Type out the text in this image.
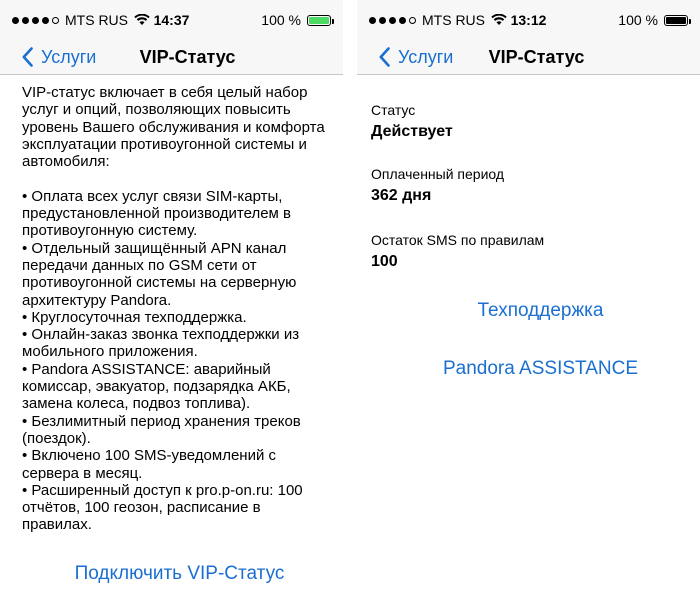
MTS RUS	14:37	100 %
Услуги	VIP-Статус

VIP-статус включает в себя целый набор
услуг и опций, позволяющих повысить
уровень Вашего обслуживания и комфорта
эксплуатации противоугонной системы и
автомобиля:

• Оплата всех услуг связи SIM-карты,
предустановленной производителем в
противоугонную систему.

• Отдельный защищённый APN канал
передачи данных по GSM сети от
противоугонной системы на серверную
архитектуру Pandora.

• Круглосуточная техподдержка.

• Онлайн-заказ звонка техподдержки из
мобильного приложения.

• Pandora ASSISTANCE: аварийный
комиссар, эвакуатор, подзарядка АКБ,
замена колеса, подвоз топлива).

• Безлимитный период хранения треков
(поездок).

• Включено 100 SMS-уведомлений с
сервера в месяц.

• Расширенный доступ к pro.p-on.ru: 100
отчётов, 100 геозон, расписание в
правилах.

Подключить VIP-Статус
MTS RUS	13:12	100 %
Услуги	VIP-Статус
Статус
Действует
Оплаченный период
362 дня
Остаток SMS по правилам
100
Техподдержка
Pandora ASSISTANCE
